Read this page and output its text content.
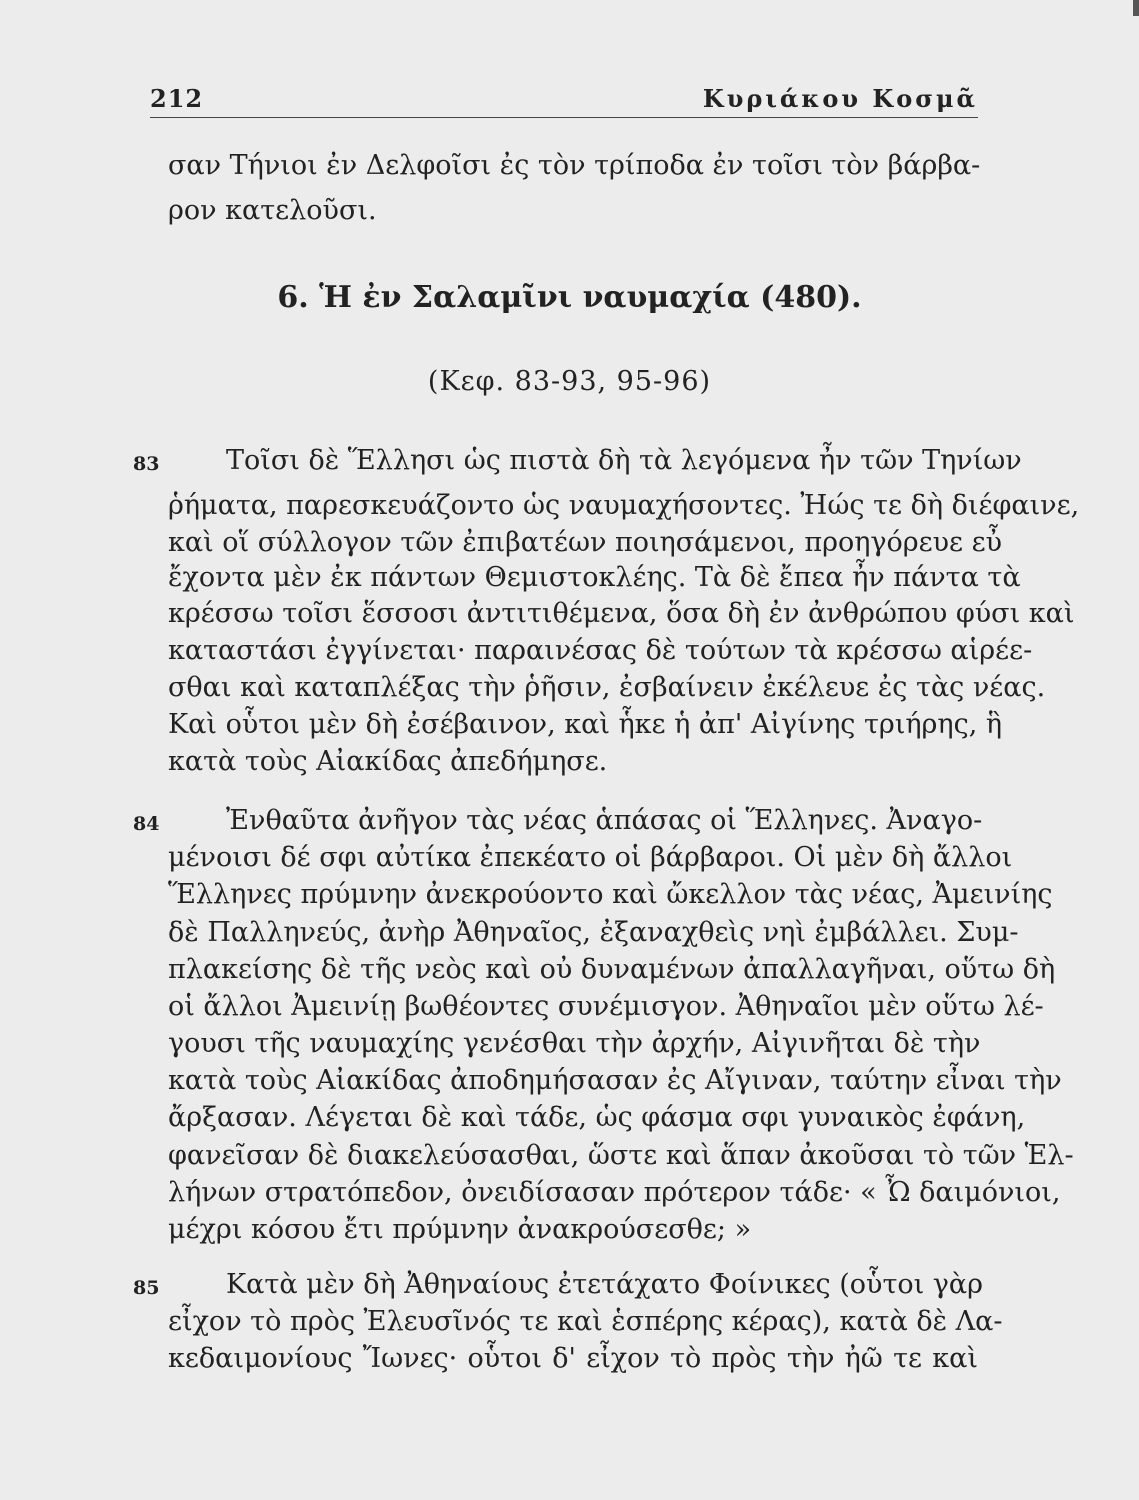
212	Κυριάκου Κοσμᾶ
σαν Τήνιοι ἐν Δελφοῖσι ἐς τὸν τρίποδα ἐν τοῖσι τὸν βάρβα-
ρον κατελοῦσι.
6. Ἡ ἐν Σαλαμῖνι ναυμαχία (480).
(Κεφ. 83-93, 95-96)
83 Τοῖσι δὲ Ἕλλησι ὡς πιστὰ δὴ τὰ λεγόμενα ἦν τῶν Τηνίων
ῥήματα, παρεσκευάζοντο ὡς ναυμαχήσοντες. Ἠώς τε δὴ διέφαινε,
καὶ οἵ σύλλογον τῶν ἐπιβατέων ποιησάμενοι, προηγόρευε εὖ
ἔχοντα μὲν ἐκ πάντων Θεμιστοκλέης. Τὰ δὲ ἔπεα ἦν πάντα τὰ
κρέσσω τοῖσι ἕσσοσι ἀντιτιθέμενα, ὅσα δὴ ἐν ἀνθρώπου φύσι καὶ
καταστάσι ἐγγίνεται· παραινέσας δὲ τούτων τὰ κρέσσω αἱρέε-
σθαι καὶ καταπλέξας τὴν ῥῆσιν, ἐσβαίνειν ἐκέλευε ἐς τὰς νέας.
Καὶ οὗτοι μὲν δὴ ἐσέβαινον, καὶ ἧκε ἡ ἀπ' Αἰγίνης τριήρης, ἣ
κατὰ τοὺς Αἰακίδας ἀπεδήμησε.
84 Ἐνθαῦτα ἀνῆγον τὰς νέας ἁπάσας οἱ Ἕλληνες. Ἀναγο-
μένοισι δέ σφι αὐτίκα ἐπεκέατο οἱ βάρβαροι. Οἱ μὲν δὴ ἄλλοι
Ἕλληνες πρύμνην ἀνεκρούοντο καὶ ὤκελλον τὰς νέας, Ἀμεινίης
δὲ Παλληνεύς, ἀνὴρ Ἀθηναῖος, ἐξαναχθεὶς νηὶ ἐμβάλλει. Συμ-
πλακείσης δὲ τῆς νεὸς καὶ οὐ δυναμένων ἀπαλλαγῆναι, οὕτω δὴ
οἱ ἄλλοι Ἀμεινίῃ βωθέοντες συνέμισγον. Ἀθηναῖοι μὲν οὕτω λέ-
γουσι τῆς ναυμαχίης γενέσθαι τὴν ἀρχήν, Αἰγινῆται δὲ τὴν
κατὰ τοὺς Αἰακίδας ἀποδημήσασαν ἐς Αἴγιναν, ταύτην εἶναι τὴν
ἄρξασαν. Λέγεται δὲ καὶ τάδε, ὡς φάσμα σφι γυναικὸς ἐφάνη,
φανεῖσαν δὲ διακελεύσασθαι, ὥστε καὶ ἅπαν ἀκοῦσαι τὸ τῶν Ἑλ-
λήνων στρατόπεδον, ὀνειδίσασαν πρότερον τάδε· « Ὦ δαιμόνιοι,
μέχρι κόσου ἔτι πρύμνην ἀνακρούσεσθε; »
85 Κατὰ μὲν δὴ Ἀθηναίους ἐτετάχατο Φοίνικες (οὗτοι γὰρ
εἶχον τὸ πρὸς Ἐλευσῖνός τε καὶ ἑσπέρης κέρας), κατὰ δὲ Λα-
κεδαιμονίους Ἴωνες· οὗτοι δ' εἶχον τὸ πρὸς τὴν ἠῶ τε καὶ
